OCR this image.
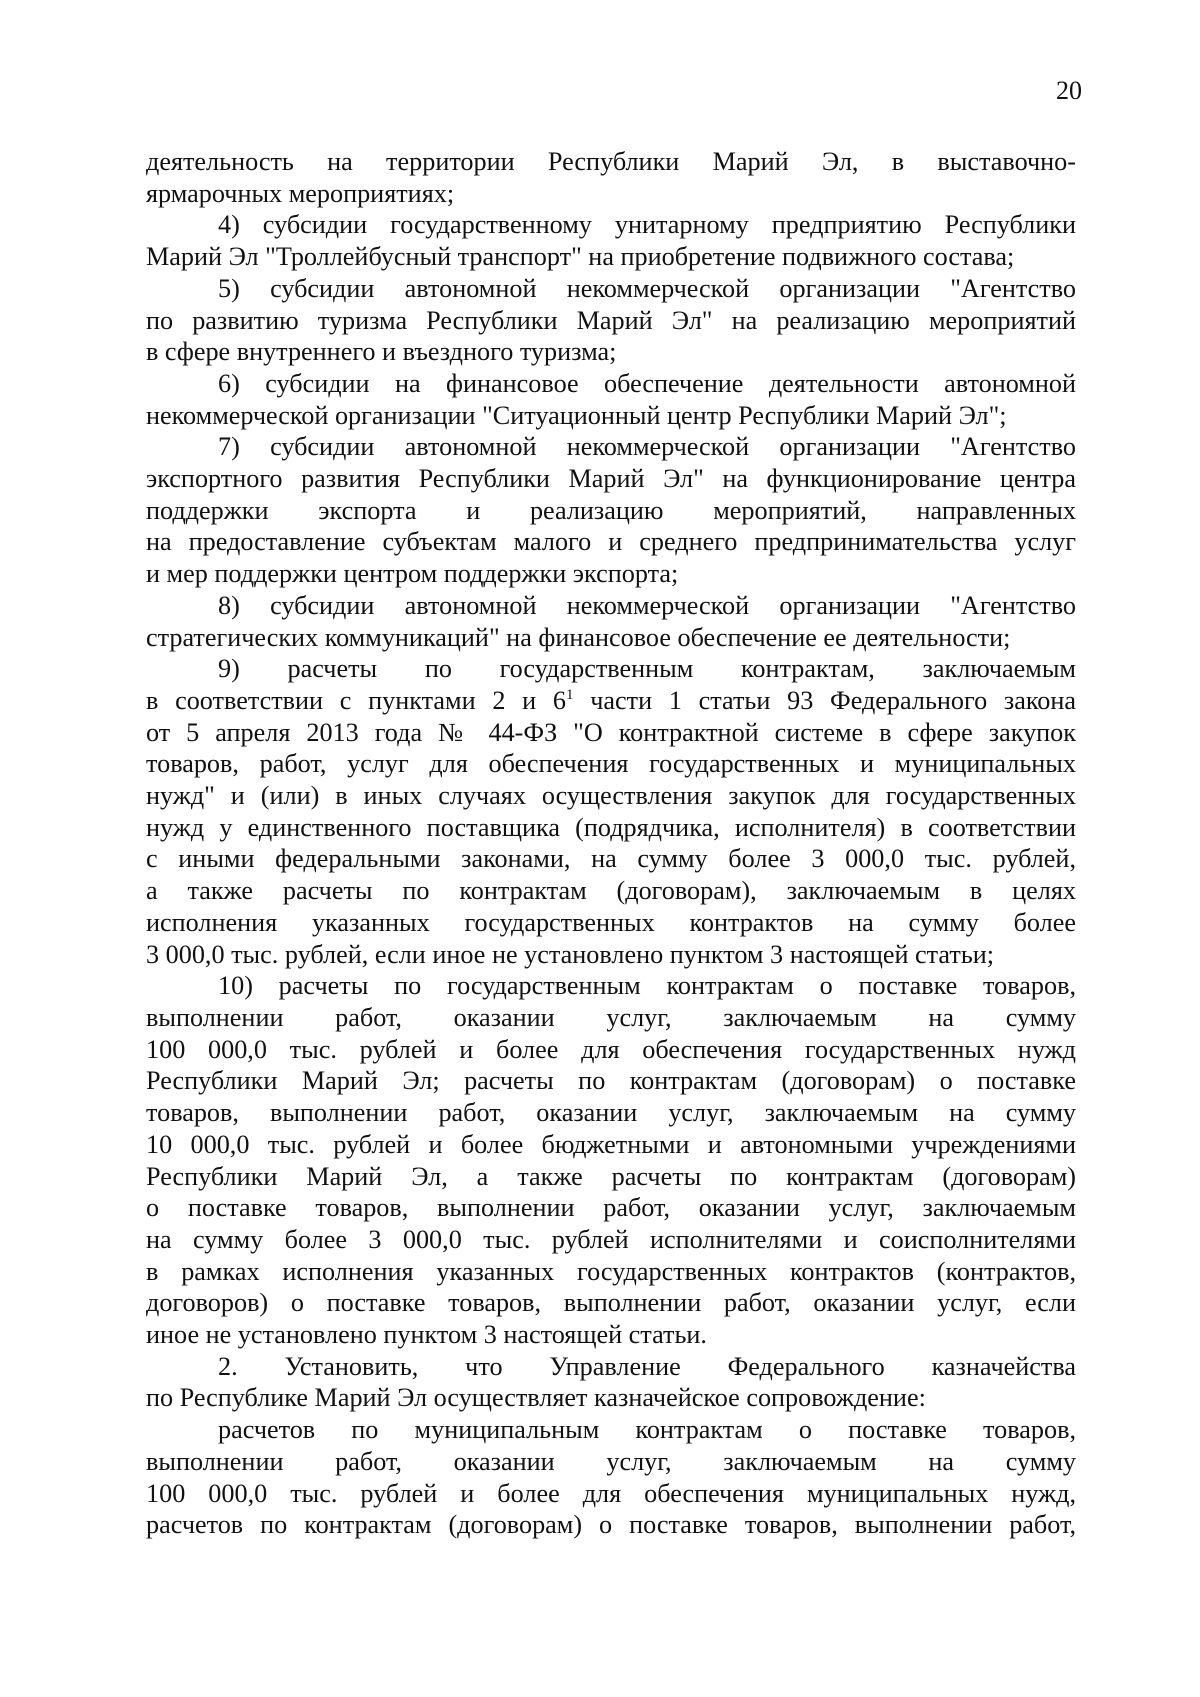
20
деятельность на территории Республики Марий Эл, в выставочно-
ярмарочных мероприятиях;
4) субсидии государственному унитарному предприятию Республики
Марий Эл "Троллейбусный транспорт" на приобретение подвижного состава;
5) субсидии автономной некоммерческой организации "Агентство
по развитию туризма Республики Марий Эл" на реализацию мероприятий
в сфере внутреннего и въездного туризма;
6) субсидии на финансовое обеспечение деятельности автономной
некоммерческой организации "Ситуационный центр Республики Марий Эл";
7) субсидии автономной некоммерческой организации "Агентство
экспортного развития Республики Марий Эл" на функционирование центра
поддержки экспорта и реализацию мероприятий, направленных
на предоставление субъектам малого и среднего предпринимательства услуг
и мер поддержки центром поддержки экспорта;
8) субсидии автономной некоммерческой организации "Агентство
стратегических коммуникаций" на финансовое обеспечение ее деятельности;
9) расчеты по государственным контрактам, заключаемым
в соответствии с пунктами 2 и $6^1$ части 1 статьи 93 Федерального закона
от 5 апреля 2013 года № 44-ФЗ "О контрактной системе в сфере закупок
товаров, работ, услуг для обеспечения государственных и муниципальных
нужд" и (или) в иных случаях осуществления закупок для государственных
нужд у единственного поставщика (подрядчика, исполнителя) в соответствии
с иными федеральными законами, на сумму более 3 000,0 тыс. рублей,
а также расчеты по контрактам (договорам), заключаемым в целях
исполнения указанных государственных контрактов на сумму более
3 000,0 тыс. рублей, если иное не установлено пунктом 3 настоящей статьи;
10) расчеты по государственным контрактам о поставке товаров,
выполнении работ, оказании услуг, заключаемым на сумму
100 000,0 тыс. рублей и более для обеспечения государственных нужд
Республики Марий Эл; расчеты по контрактам (договорам) о поставке
товаров, выполнении работ, оказании услуг, заключаемым на сумму
10 000,0 тыс. рублей и более бюджетными и автономными учреждениями
Республики Марий Эл, а также расчеты по контрактам (договорам)
о поставке товаров, выполнении работ, оказании услуг, заключаемым
на сумму более 3 000,0 тыс. рублей исполнителями и соисполнителями
в рамках исполнения указанных государственных контрактов (контрактов,
договоров) о поставке товаров, выполнении работ, оказании услуг, если
иное не установлено пунктом 3 настоящей статьи.
2. Установить, что Управление Федерального казначейства
по Республике Марий Эл осуществляет казначейское сопровождение:
расчетов по муниципальным контрактам о поставке товаров,
выполнении работ, оказании услуг, заключаемым на сумму
100 000,0 тыс. рублей и более для обеспечения муниципальных нужд,
расчетов по контрактам (договорам) о поставке товаров, выполнении работ,
